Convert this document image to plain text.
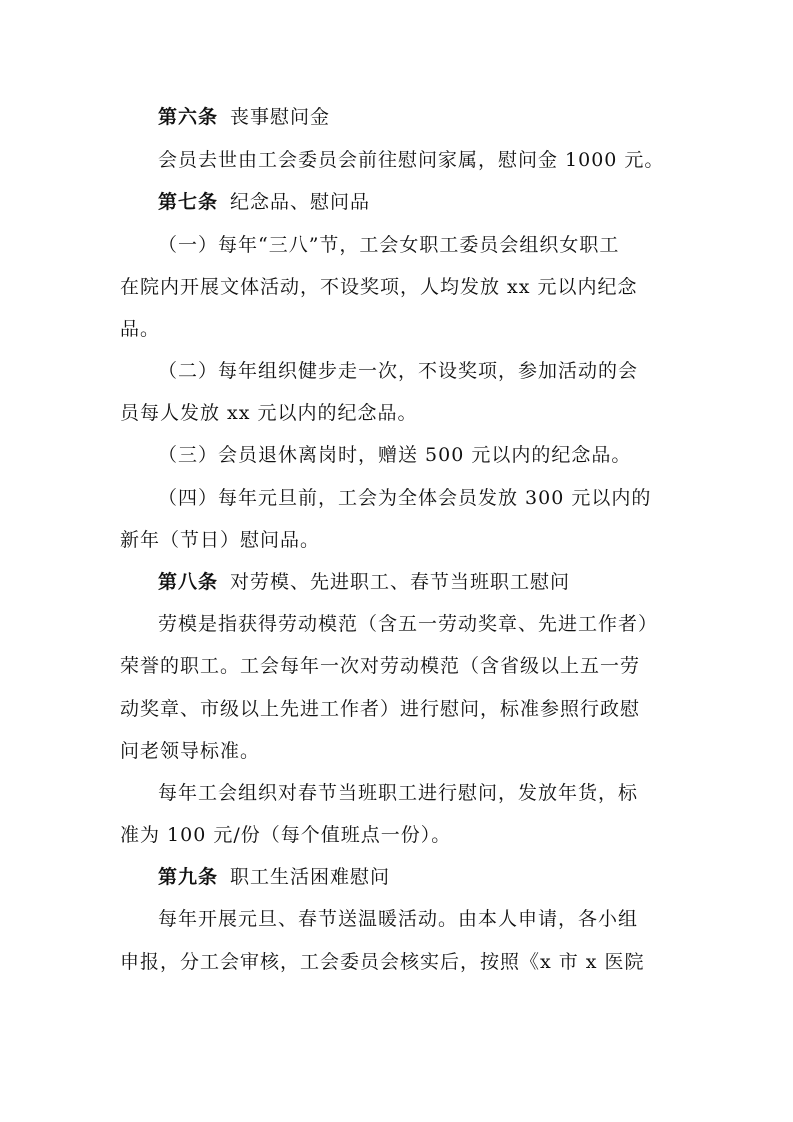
第六条 丧事慰问金
会员去世由工会委员会前往慰问家属，慰问金 1000 元。
第七条 纪念品、慰问品
（一）每年“三八”节，工会女职工委员会组织女职工
在院内开展文体活动，不设奖项，人均发放 xx 元以内纪念
品。
（二）每年组织健步走一次，不设奖项，参加活动的会
员每人发放 xx 元以内的纪念品。
（三）会员退休离岗时，赠送 500 元以内的纪念品。
（四）每年元旦前，工会为全体会员发放 300 元以内的
新年（节日）慰问品。
第八条 对劳模、先进职工、春节当班职工慰问
劳模是指获得劳动模范（含五一劳动奖章、先进工作者）
荣誉的职工。工会每年一次对劳动模范（含省级以上五一劳
动奖章、市级以上先进工作者）进行慰问，标准参照行政慰
问老领导标准。
每年工会组织对春节当班职工进行慰问，发放年货，标
准为 100 元/份（每个值班点一份）。
第九条 职工生活困难慰问
每年开展元旦、春节送温暖活动。由本人申请，各小组
申报，分工会审核，工会委员会核实后，按照《x 市 x 医院
